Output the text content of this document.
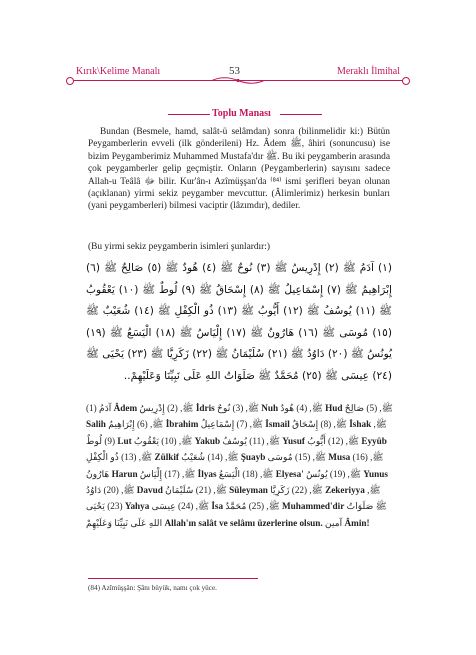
Kırık\Kelime Manalı	53	Meraklı İlmihal
Toplu Manası
Bundan (Besmele, hamd, salât-ü selâmdan) sonra (bilinmelidir ki:) Bütün Peygamberlerin evveli (ilk gönderileni) Hz. Âdem ﷺ, âhiri (sonuncusu) ise bizim Peygamberimiz Muhammed Mustafa'dır ﷺ. Bu iki peygamberin arasında çok peygamberler gelip geçmiştir. Onların (Peygamberlerin) sayısını sadece Allah-u Teâlâ ﷻ bilir. Kur'ân-ı Azîmüşşan'da ⁽⁸⁴⁾ ismi şerifleri beyan olunan (açıklanan) yirmi sekiz peygamber mevcuttur. (Âlimlerimiz) herkesin bunları (yani peygamberleri) bilmesi vaciptir (lâzımdır), dediler.
(Bu yirmi sekiz peygamberin isimleri şunlardır:)
(١) آدَمُ ﷺ (٢) إِدْرِيسُ ﷺ (٣) نُوحٌ ﷺ (٤) هُودٌ ﷺ (٥) صَالِحٌ ﷺ (٦) إِبْرَاهِيمُ ﷺ (٧) إِسْمَاعِيلُ ﷺ (٨) إِسْحَاقُ ﷺ (٩) لُوطٌ ﷺ (١٠) يَعْقُوبُ ﷺ (١١) يُوسُفُ ﷺ (١٢) أَيُّوبُ ﷺ (١٣) ذُو الْكِفْلِ ﷺ (١٤) شُعَيْبٌ ﷺ (١٥) مُوسَى ﷺ (١٦) هَارُونُ ﷺ (١٧) إِلْيَاسُ ﷺ (١٨) الْيَسَعُ ﷺ (١٩) يُونُسُ ﷺ (٢٠) دَاوُدُ ﷺ (٢١) سُلَيْمَانُ ﷺ (٢٢) زَكَرِيَّا ﷺ (٢٣) يَحْيَى ﷺ (٢٤) عِيسَى ﷺ (٢٥) مُحَمَّدٌ ﷺ صَلَوَاتُ اللهِ عَلَى نَبِيِّنَا وَعَلَيْهِمْ..
(1) آدَمُ Âdem ﷺ, (2) إِدْرِيسُ İdris ﷺ, (3) نُوحٌ Nuh ﷺ, (4) هُودٌ Hud ﷺ, (5) صَالِحٌ Salih ﷺ, (6) إِبْرَاهِيمُ İbrahim ﷺ, (7) إِسْمَاعِيلُ İsmail ﷺ, (8) إِسْحَاقُ İshak ﷺ, (9) لُوطٌ Lut ﷺ, (10) يَعْقُوبُ Yakub ﷺ, (11) يُوسُفُ Yusuf ﷺ, (12) أَيُّوبُ Eyyûb ﷺ, (13) ذُو الْكِفْلِ Zülkif ﷺ, (14) شُعَيْبٌ Şuayb ﷺ, (15) مُوسَى Musa ﷺ, (16) هَارُونُ Harun ﷺ, (17) إِلْيَاسُ İlyas ﷺ, (18) الْيَسَعُ Elyesa' ﷺ, (19) يُونُسُ Yunus ﷺ, (20) دَاوُدُ Davud ﷺ, (21) سُلَيْمَانُ Süleyman ﷺ, (22) زَكَرِيَّا Zekeriyya ﷺ, (23) يَحْيَى Yahya ﷺ, (24) عِيسَى İsa ﷺ, (25) مُحَمَّدٌ Muhammed'dir ﷺ صَلَوَاتُ اللهِ عَلَى نَبِيِّنَا وَعَلَيْهِمْ Allah'ın salât ve selâmı üzerlerine olsun. آمين Âmin!
(84) Azîmüşşân: Şânı büyük, namı çok yüce.
